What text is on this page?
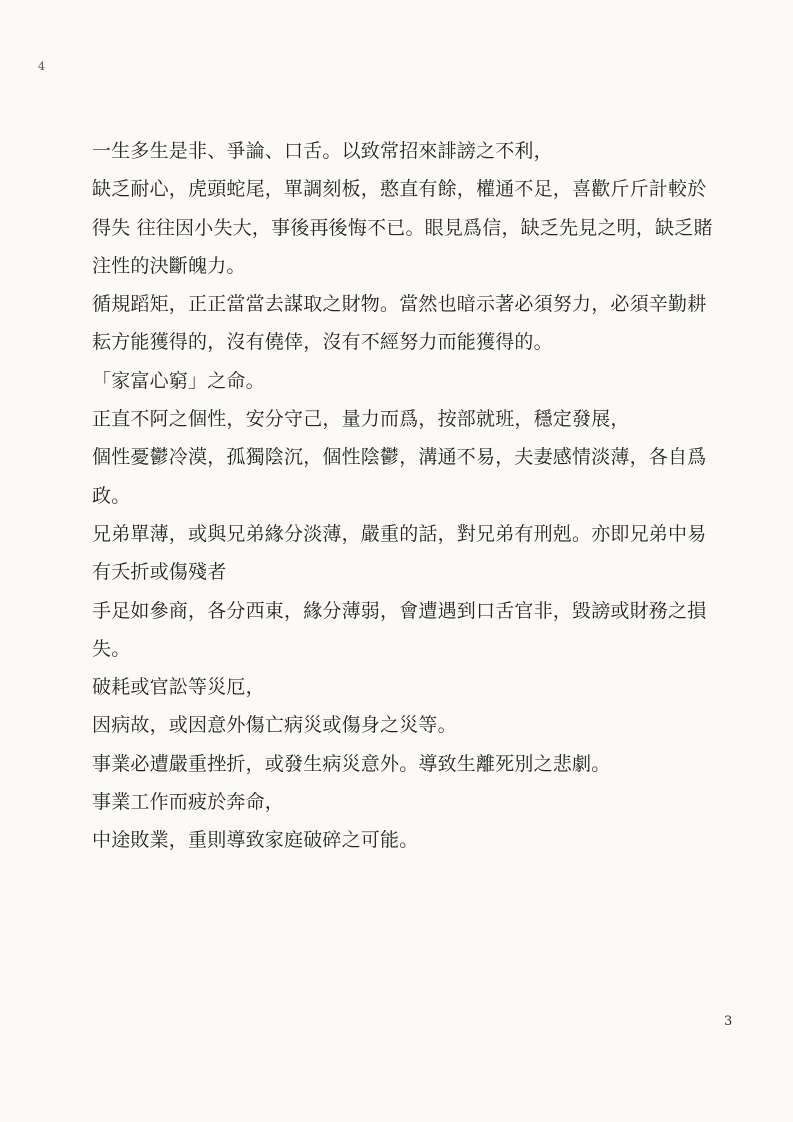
4
一生多生是非、爭論、口舌。以致常招來誹謗之不利，
缺乏耐心，虎頭蛇尾，單調刻板，憨直有餘，權通不足，喜歡斤斤計較於
得失 往往因小失大，事後再後悔不已。眼見爲信，缺乏先見之明，缺乏賭
注性的決斷魄力。
循規蹈矩，正正當當去謀取之財物。當然也暗示著必須努力，必須辛勤耕
耘方能獲得的，沒有僥倖，沒有不經努力而能獲得的。
「家富心窮」之命。
正直不阿之個性，安分守己，量力而爲，按部就班，穩定發展，
個性憂鬱冷漠，孤獨陰沉，個性陰鬱，溝通不易，夫妻感情淡薄，各自爲
政。
兄弟單薄，或與兄弟緣分淡薄，嚴重的話，對兄弟有刑剋。亦即兄弟中易
有夭折或傷殘者
手足如參商，各分西東，緣分薄弱，會遭遇到口舌官非，毀謗或財務之損
失。
破耗或官訟等災厄，
因病故，或因意外傷亡病災或傷身之災等。
事業必遭嚴重挫折，或發生病災意外。導致生離死別之悲劇。
事業工作而疲於奔命，
中途敗業，重則導致家庭破碎之可能。
3
